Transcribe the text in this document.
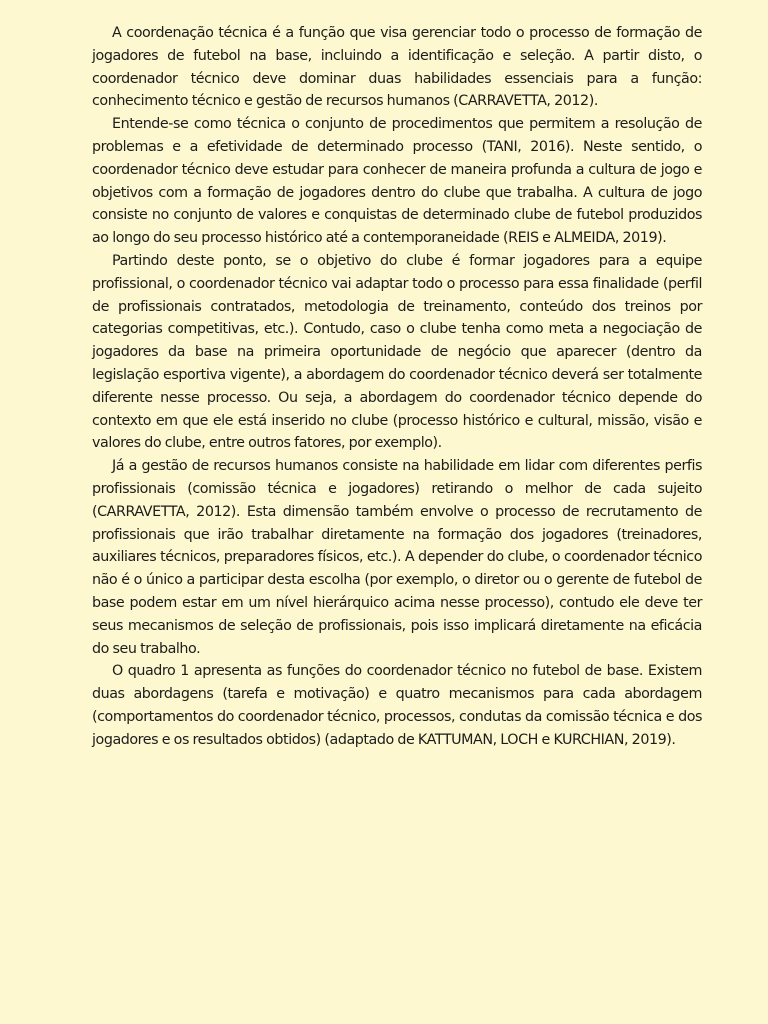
A coordenação técnica é a função que visa gerenciar todo o processo de formação de jogadores de futebol na base, incluindo a identificação e seleção. A partir disto, o coordenador técnico deve dominar duas habilidades essenciais para a função: conhecimento técnico e gestão de recursos humanos (CARRAVETTA, 2012).

Entende-se como técnica o conjunto de procedimentos que permitem a resolução de problemas e a efetividade de determinado processo (TANI, 2016). Neste sentido, o coordenador técnico deve estudar para conhecer de maneira profunda a cultura de jogo e objetivos com a formação de jogadores dentro do clube que trabalha. A cultura de jogo consiste no conjunto de valores e conquistas de determinado clube de futebol produzidos ao longo do seu processo histórico até a contemporaneidade (REIS e ALMEIDA, 2019).

Partindo deste ponto, se o objetivo do clube é formar jogadores para a equipe profissional, o coordenador técnico vai adaptar todo o processo para essa finalidade (perfil de profissionais contratados, metodologia de treinamento, conteúdo dos treinos por categorias competitivas, etc.). Contudo, caso o clube tenha como meta a negociação de jogadores da base na primeira oportunidade de negócio que aparecer (dentro da legislação esportiva vigente), a abordagem do coordenador técnico deverá ser totalmente diferente nesse processo. Ou seja, a abordagem do coordenador técnico depende do contexto em que ele está inserido no clube (processo histórico e cultural, missão, visão e valores do clube, entre outros fatores, por exemplo).

Já a gestão de recursos humanos consiste na habilidade em lidar com diferentes perfis profissionais (comissão técnica e jogadores) retirando o melhor de cada sujeito (CARRAVETTA, 2012). Esta dimensão também envolve o processo de recrutamento de profissionais que irão trabalhar diretamente na formação dos jogadores (treinadores, auxiliares técnicos, preparadores físicos, etc.). A depender do clube, o coordenador técnico não é o único a participar desta escolha (por exemplo, o diretor ou o gerente de futebol de base podem estar em um nível hierárquico acima nesse processo), contudo ele deve ter seus mecanismos de seleção de profissionais, pois isso implicará diretamente na eficácia do seu trabalho.

O quadro 1 apresenta as funções do coordenador técnico no futebol de base. Existem duas abordagens (tarefa e motivação) e quatro mecanismos para cada abordagem (comportamentos do coordenador técnico, processos, condutas da comissão técnica e dos jogadores e os resultados obtidos) (adaptado de KATTUMAN, LOCH e KURCHIAN, 2019).
